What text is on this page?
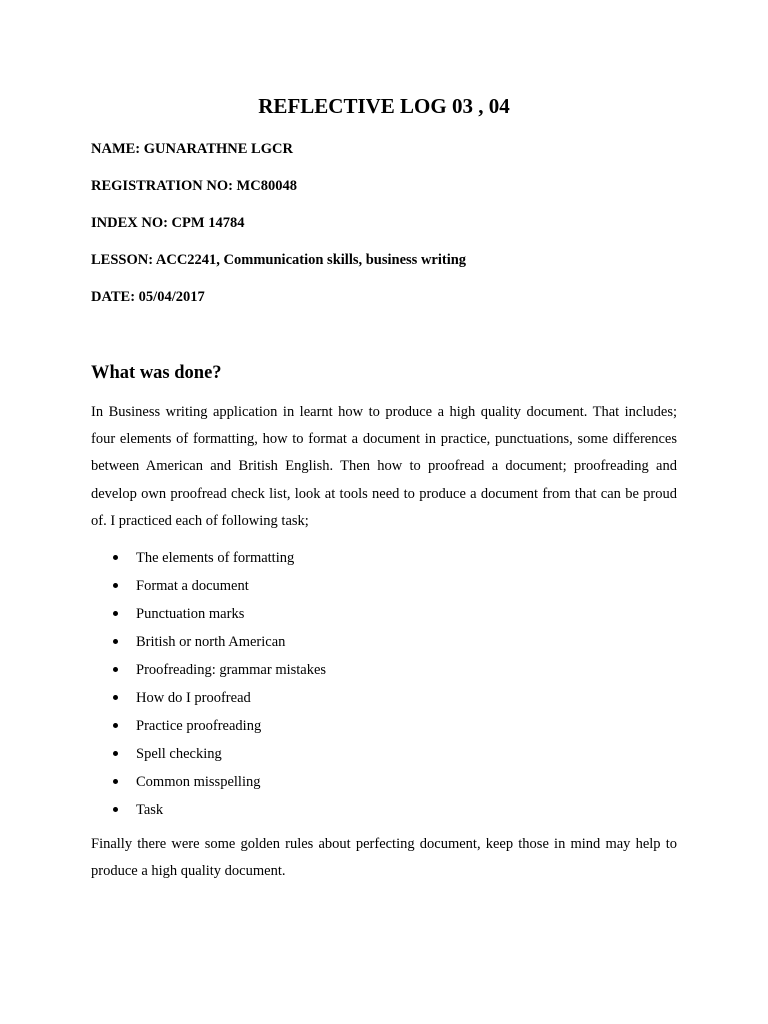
REFLECTIVE LOG 03 , 04
NAME: GUNARATHNE LGCR
REGISTRATION NO: MC80048
INDEX NO: CPM 14784
LESSON: ACC2241, Communication skills, business writing
DATE: 05/04/2017
What was done?
In Business writing application in learnt how to produce a high quality document. That includes; four elements of formatting, how to format a document in practice, punctuations, some differences between American and British English. Then how to proofread a document; proofreading and develop own proofread check list, look at tools need to produce a document from that can be proud of. I practiced each of following task;
The elements of formatting
Format a document
Punctuation marks
British or north American
Proofreading: grammar mistakes
How do I proofread
Practice proofreading
Spell checking
Common misspelling
Task
Finally there were some golden rules about perfecting document, keep those in mind may help to produce a high quality document.
